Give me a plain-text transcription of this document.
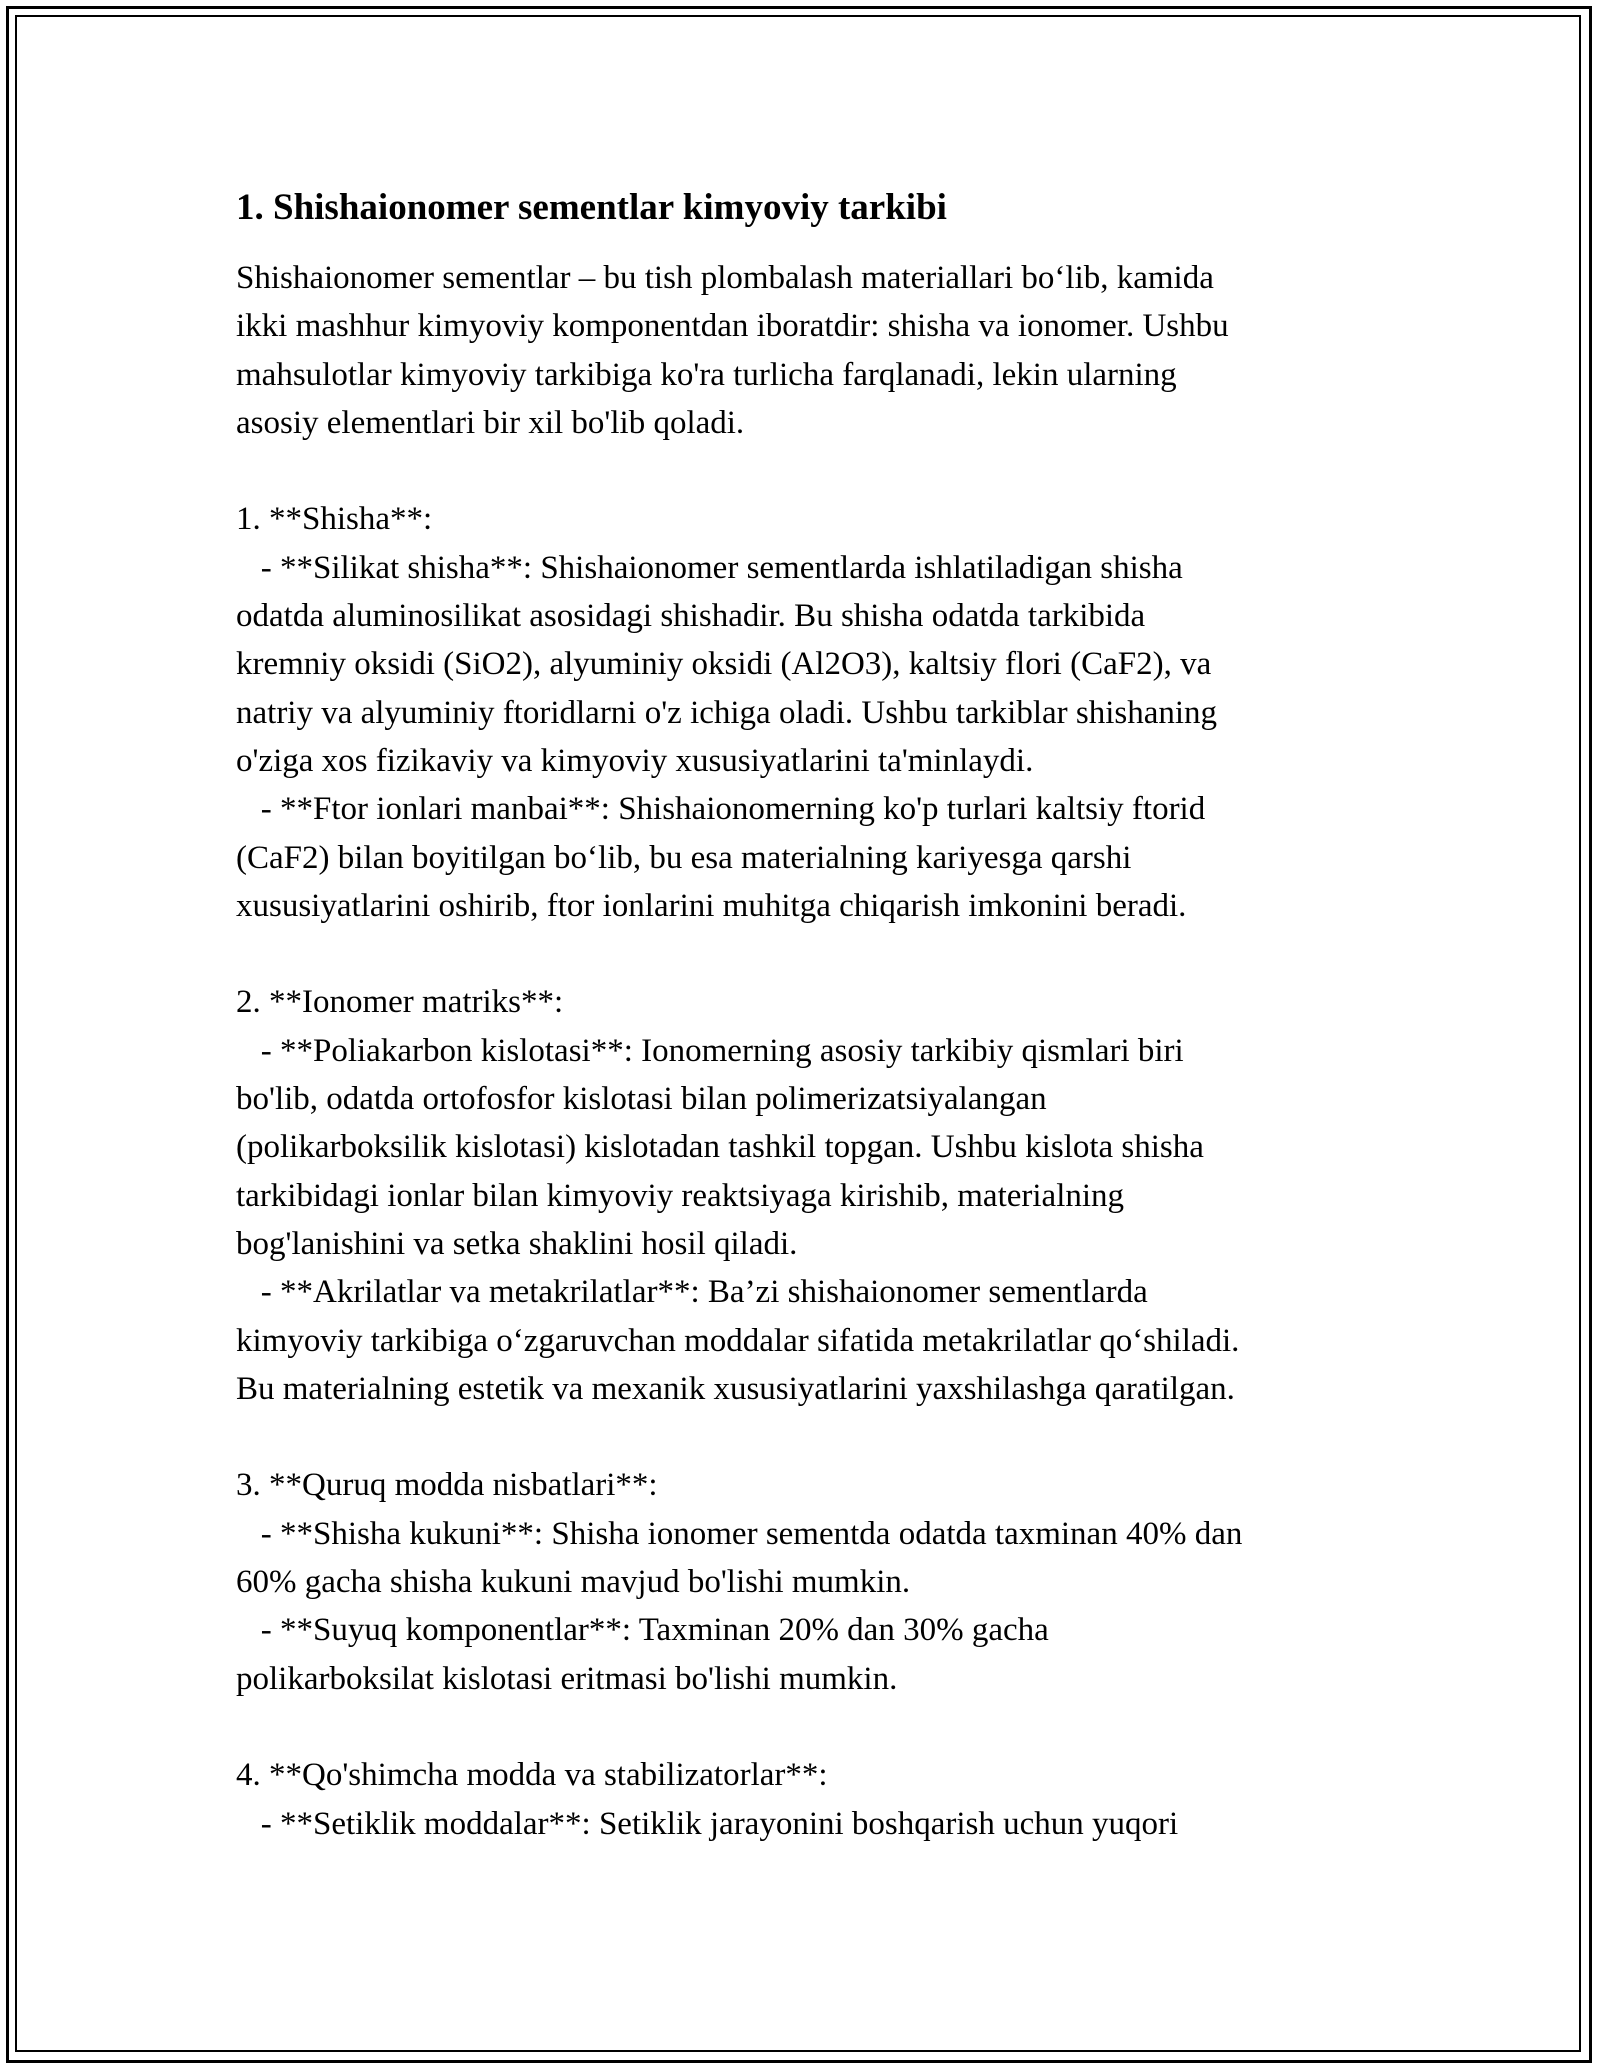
1. Shishaionomer sementlar kimyoviy tarkibi
Shishaionomer sementlar – bu tish plombalash materiallari bo‘lib, kamida
ikki mashhur kimyoviy komponentdan iboratdir: shisha va ionomer. Ushbu
mahsulotlar kimyoviy tarkibiga ko'ra turlicha farqlanadi, lekin ularning
asosiy elementlari bir xil bo'lib qoladi.
1. **Shisha**:
- **Silikat shisha**: Shishaionomer sementlarda ishlatiladigan shisha
odatda aluminosilikat asosidagi shishadir. Bu shisha odatda tarkibida
kremniy oksidi (SiO2), alyuminiy oksidi (Al2O3), kaltsiy flori (CaF2), va
natriy va alyuminiy ftoridlarni o'z ichiga oladi. Ushbu tarkiblar shishaning
o'ziga xos fizikaviy va kimyoviy xususiyatlarini ta'minlaydi.
- **Ftor ionlari manbai**: Shishaionomerning ko'p turlari kaltsiy ftorid
(CaF2) bilan boyitilgan bo‘lib, bu esa materialning kariyesga qarshi
xususiyatlarini oshirib, ftor ionlarini muhitga chiqarish imkonini beradi.
2. **Ionomer matriks**:
- **Poliakarbon kislotasi**: Ionomerning asosiy tarkibiy qismlari biri
bo'lib, odatda ortofosfor kislotasi bilan polimerizatsiyalangan
(polikarboksilik kislotasi) kislotadan tashkil topgan. Ushbu kislota shisha
tarkibidagi ionlar bilan kimyoviy reaktsiyaga kirishib, materialning
bog'lanishini va setka shaklini hosil qiladi.
- **Akrilatlar va metakrilatlar**: Ba’zi shishaionomer sementlarda
kimyoviy tarkibiga o‘zgaruvchan moddalar sifatida metakrilatlar qo‘shiladi.
Bu materialning estetik va mexanik xususiyatlarini yaxshilashga qaratilgan.
3. **Quruq modda nisbatlari**:
- **Shisha kukuni**: Shisha ionomer sementda odatda taxminan 40% dan
60% gacha shisha kukuni mavjud bo'lishi mumkin.
- **Suyuq komponentlar**: Taxminan 20% dan 30% gacha
polikarboksilat kislotasi eritmasi bo'lishi mumkin.
4. **Qo'shimcha modda va stabilizatorlar**:
- **Setiklik moddalar**: Setiklik jarayonini boshqarish uchun yuqori
